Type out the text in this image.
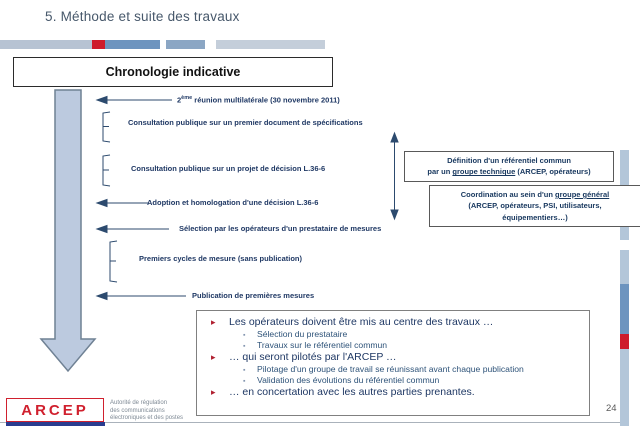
5. Méthode et suite des travaux
Chronologie indicative
2ème réunion multilatérale (30 novembre 2011)
Consultation publique sur un premier document de spécifications
Consultation publique sur un projet de décision L.36-6
Adoption et homologation d'une décision L.36-6
Sélection par les opérateurs d'un prestataire de mesures
Premiers cycles de mesure (sans publication)
Publication de premières mesures
Définition d'un référentiel commun
par un groupe technique (ARCEP, opérateurs)
Coordination au sein d'un groupe général
(ARCEP, opérateurs, PSI, utilisateurs,
équipementiers…)
▸	Les opérateurs doivent être mis au centre des travaux …
▪	Sélection du prestataire
▪	Travaux sur le référentiel commun
▸	… qui seront pilotés par l'ARCEP …
▪	Pilotage d'un groupe de travail se réunissant avant chaque publication
▪	Validation des évolutions du référentiel commun
▸	… en concertation avec les autres parties prenantes.
24
ARCEP	Autorité de régulation
des communications
électroniques et des postes
